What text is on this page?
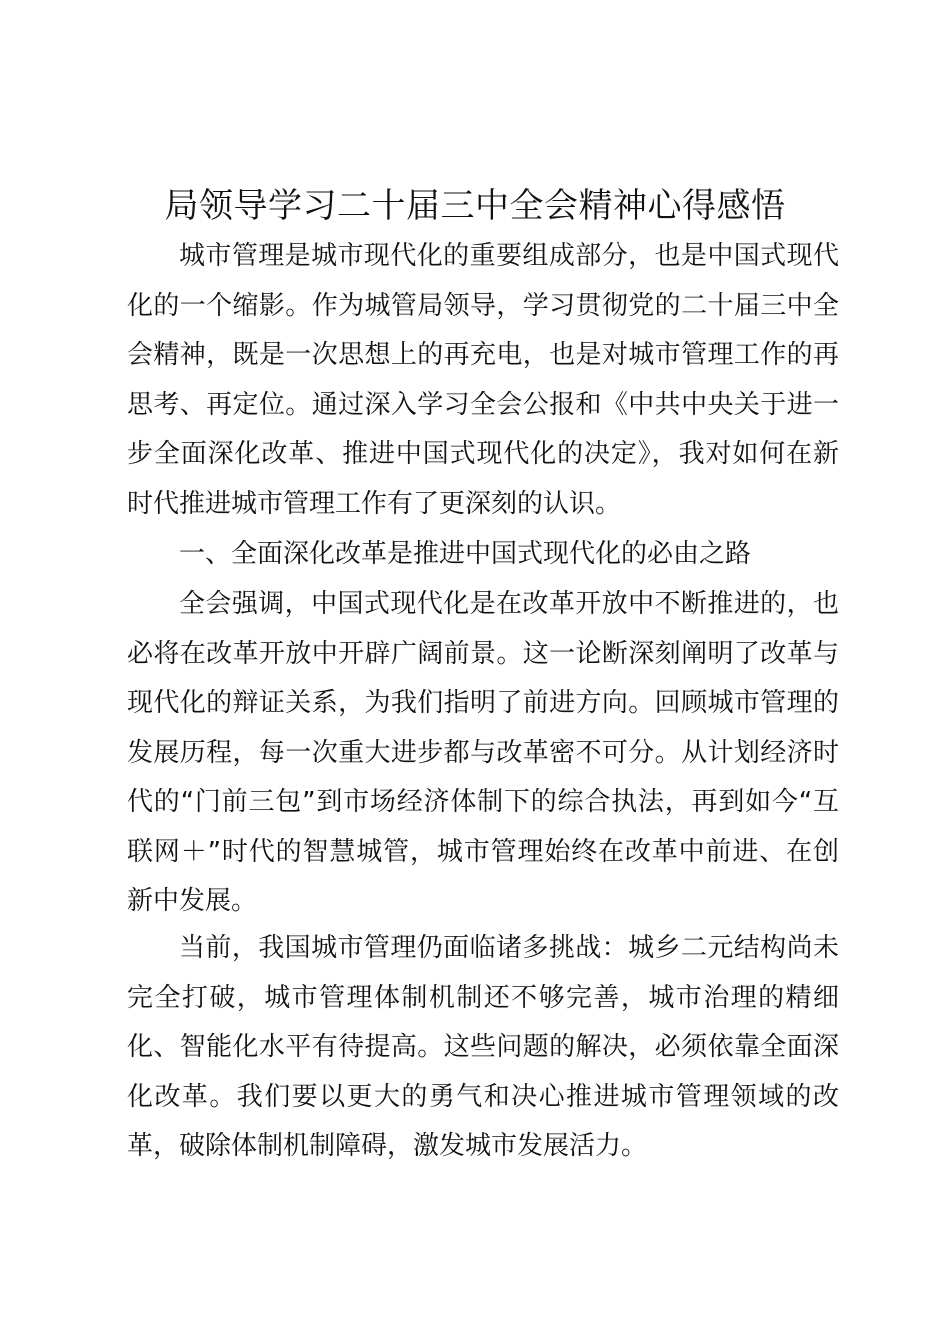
局领导学习二十届三中全会精神心得感悟

城市管理是城市现代化的重要组成部分，也是中国式现代化的一个缩影。作为城管局领导，学习贯彻党的二十届三中全会精神，既是一次思想上的再充电，也是对城市管理工作的再思考、再定位。通过深入学习全会公报和《中共中央关于进一步全面深化改革、推进中国式现代化的决定》，我对如何在新时代推进城市管理工作有了更深刻的认识。

一、全面深化改革是推进中国式现代化的必由之路

全会强调，中国式现代化是在改革开放中不断推进的，也必将在改革开放中开辟广阔前景。这一论断深刻阐明了改革与现代化的辩证关系，为我们指明了前进方向。回顾城市管理的发展历程，每一次重大进步都与改革密不可分。从计划经济时代的“门前三包”到市场经济体制下的综合执法，再到如今“互联网＋”时代的智慧城管，城市管理始终在改革中前进、在创新中发展。

当前，我国城市管理仍面临诸多挑战：城乡二元结构尚未完全打破，城市管理体制机制还不够完善，城市治理的精细化、智能化水平有待提高。这些问题的解决，必须依靠全面深化改革。我们要以更大的勇气和决心推进城市管理领域的改革，破除体制机制障碍，激发城市发展活力。
